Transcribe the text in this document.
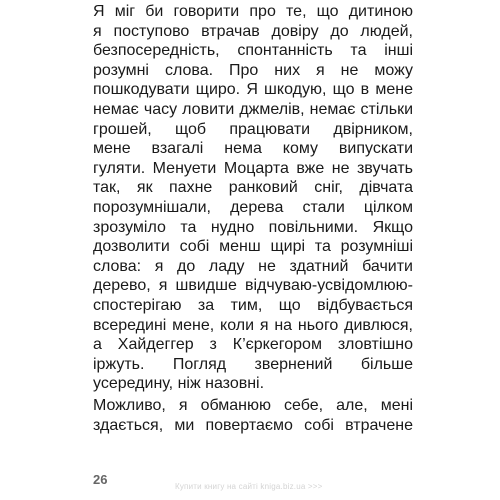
Я міг би говорити про те, що дитиною
я поступово втрачав довіру до людей,
безпосередність, спонтанність та інші
розумні слова. Про них я не можу
пошкодувати щиро. Я шкодую, що в мене
немає часу ловити джмелів, немає стільки
грошей, щоб працювати двірником,
мене взагалі нема кому випускати
гуляти. Менуети Моцарта вже не звучать
так, як пахне ранковий сніг, дівчата
порозумнішали, дерева стали цілком
зрозуміло та нудно повільними. Якщо
дозволити собі менш щирі та розумніші
слова: я до ладу не здатний бачити
дерево, я швидше відчуваю-усвідомлюю-
спостерігаю за тим, що відбувається
всередині мене, коли я на нього дивлюся,
а Хайдеггер з К’єркегором зловтішно
іржуть. Погляд звернений більше
усередину, ніж назовні.
Можливо, я обманюю себе, але, мені
здається, ми повертаємо собі втрачене
26	Купити книгу на сайті kniga.biz.ua >>>
